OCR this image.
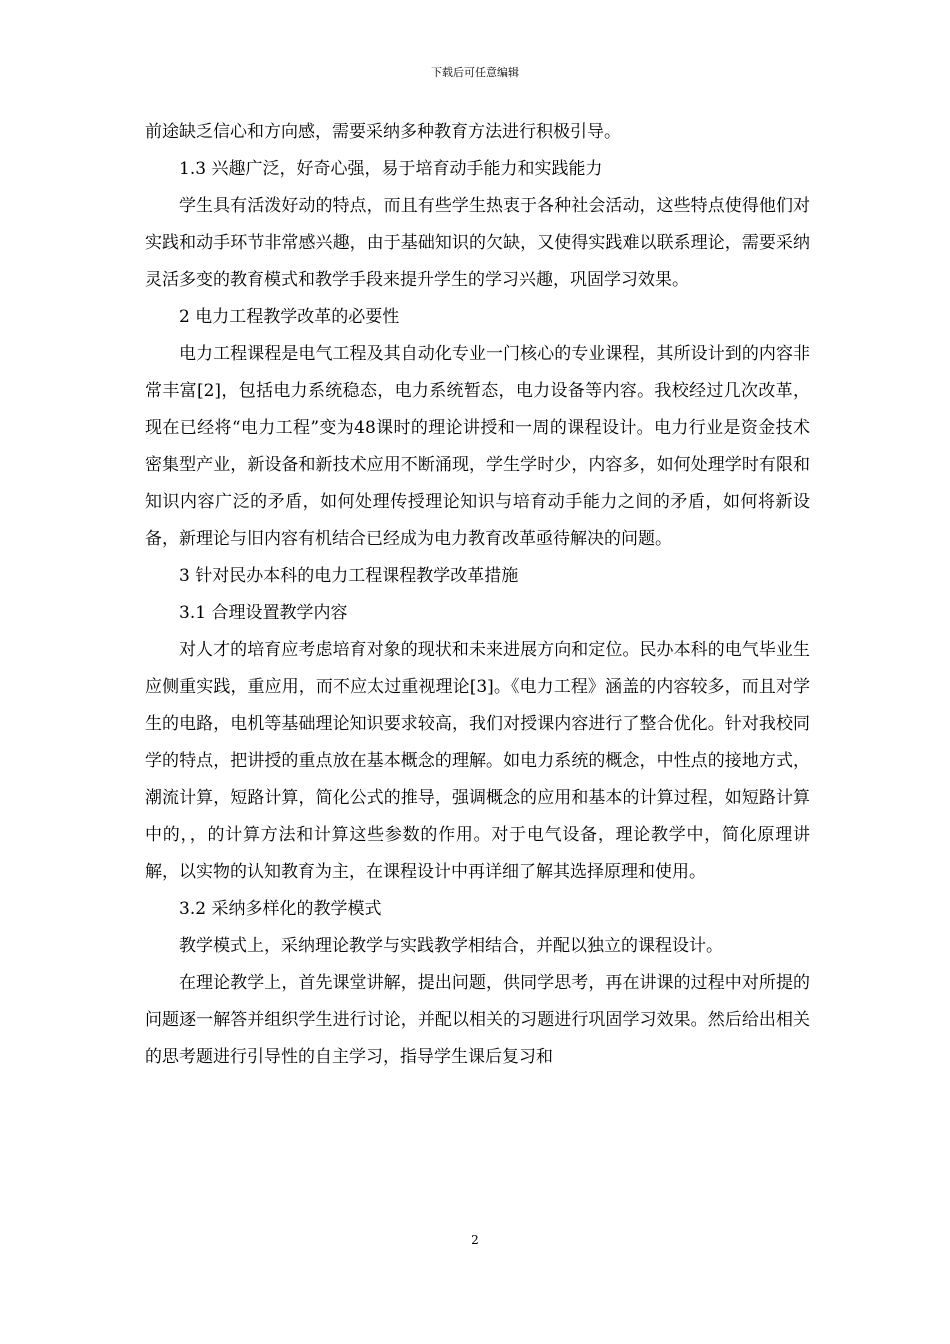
下载后可任意编辑

前途缺乏信心和方向感，需要采纳多种教育方法进行积极引导。

1.3 兴趣广泛，好奇心强，易于培育动手能力和实践能力

学生具有活泼好动的特点，而且有些学生热衷于各种社会活动，这些特点使得他们对实践和动手环节非常感兴趣，由于基础知识的欠缺，又使得实践难以联系理论，需要采纳灵活多变的教育模式和教学手段来提升学生的学习兴趣，巩固学习效果。

2 电力工程教学改革的必要性

电力工程课程是电气工程及其自动化专业一门核心的专业课程，其所设计到的内容非常丰富[2]，包括电力系统稳态，电力系统暂态，电力设备等内容。我校经过几次改革，现在已经将“电力工程”变为48课时的理论讲授和一周的课程设计。电力行业是资金技术密集型产业，新设备和新技术应用不断涌现，学生学时少，内容多，如何处理学时有限和知识内容广泛的矛盾，如何处理传授理论知识与培育动手能力之间的矛盾，如何将新设备，新理论与旧内容有机结合已经成为电力教育改革亟待解决的问题。

3 针对民办本科的电力工程课程教学改革措施

3.1 合理设置教学内容

对人才的培育应考虑培育对象的现状和未来进展方向和定位。民办本科的电气毕业生应侧重实践，重应用，而不应太过重视理论[3]。《电力工程》涵盖的内容较多，而且对学生的电路，电机等基础理论知识要求较高，我们对授课内容进行了整合优化。针对我校同学的特点，把讲授的重点放在基本概念的理解。如电力系统的概念，中性点的接地方式，潮流计算，短路计算，简化公式的推导，强调概念的应用和基本的计算过程，如短路计算中的，，的计算方法和计算这些参数的作用。对于电气设备，理论教学中，简化原理讲解，以实物的认知教育为主，在课程设计中再详细了解其选择原理和使用。

3.2 采纳多样化的教学模式

教学模式上，采纳理论教学与实践教学相结合，并配以独立的课程设计。

在理论教学上，首先课堂讲解，提出问题，供同学思考，再在讲课的过程中对所提的问题逐一解答并组织学生进行讨论，并配以相关的习题进行巩固学习效果。然后给出相关的思考题进行引导性的自主学习，指导学生课后复习和

2
